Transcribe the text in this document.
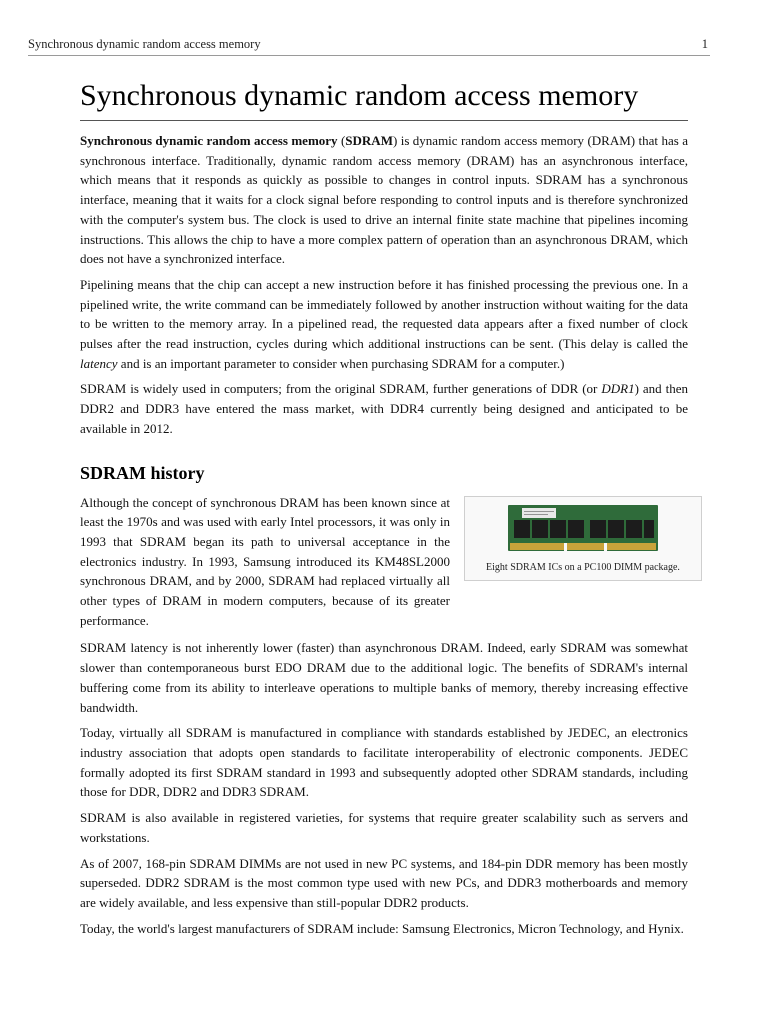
Synchronous dynamic random access memory	1
Synchronous dynamic random access memory

Synchronous dynamic random access memory (SDRAM) is dynamic random access memory (DRAM) that has a synchronous interface. Traditionally, dynamic random access memory (DRAM) has an asynchronous interface, which means that it responds as quickly as possible to changes in control inputs. SDRAM has a synchronous interface, meaning that it waits for a clock signal before responding to control inputs and is therefore synchronized with the computer's system bus. The clock is used to drive an internal finite state machine that pipelines incoming instructions. This allows the chip to have a more complex pattern of operation than an asynchronous DRAM, which does not have a synchronized interface.

Pipelining means that the chip can accept a new instruction before it has finished processing the previous one. In a pipelined write, the write command can be immediately followed by another instruction without waiting for the data to be written to the memory array. In a pipelined read, the requested data appears after a fixed number of clock pulses after the read instruction, cycles during which additional instructions can be sent. (This delay is called the latency and is an important parameter to consider when purchasing SDRAM for a computer.)

SDRAM is widely used in computers; from the original SDRAM, further generations of DDR (or DDR1) and then DDR2 and DDR3 have entered the mass market, with DDR4 currently being designed and anticipated to be available in 2012.

SDRAM history

Although the concept of synchronous DRAM has been known since at least the 1970s and was used with early Intel processors, it was only in 1993 that SDRAM began its path to universal acceptance in the electronics industry. In 1993, Samsung introduced its KM48SL2000 synchronous DRAM, and by 2000, SDRAM had replaced virtually all other types of DRAM in modern computers, because of its greater performance.

Eight SDRAM ICs on a PC100 DIMM package.

SDRAM latency is not inherently lower (faster) than asynchronous DRAM. Indeed, early SDRAM was somewhat slower than contemporaneous burst EDO DRAM due to the additional logic. The benefits of SDRAM's internal buffering come from its ability to interleave operations to multiple banks of memory, thereby increasing effective bandwidth.

Today, virtually all SDRAM is manufactured in compliance with standards established by JEDEC, an electronics industry association that adopts open standards to facilitate interoperability of electronic components. JEDEC formally adopted its first SDRAM standard in 1993 and subsequently adopted other SDRAM standards, including those for DDR, DDR2 and DDR3 SDRAM.

SDRAM is also available in registered varieties, for systems that require greater scalability such as servers and workstations.

As of 2007, 168-pin SDRAM DIMMs are not used in new PC systems, and 184-pin DDR memory has been mostly superseded. DDR2 SDRAM is the most common type used with new PCs, and DDR3 motherboards and memory are widely available, and less expensive than still-popular DDR2 products.

Today, the world's largest manufacturers of SDRAM include: Samsung Electronics, Micron Technology, and Hynix.
